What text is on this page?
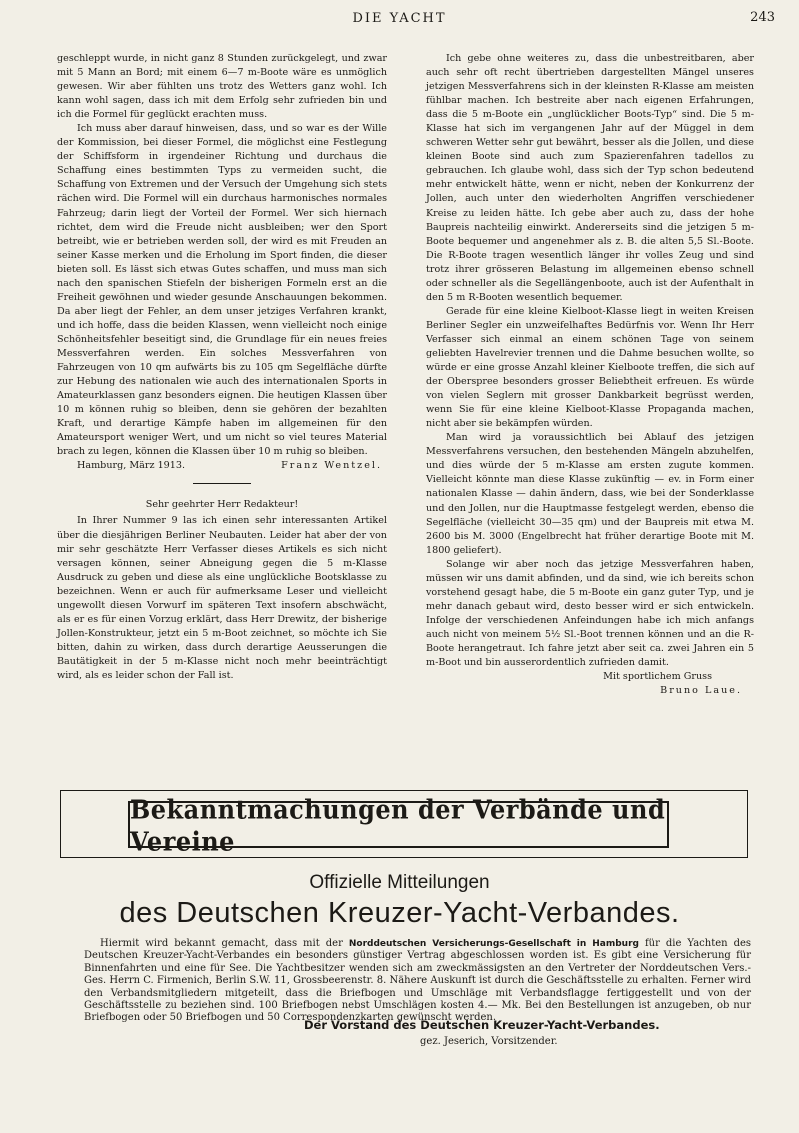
DIE YACHT	243

geschleppt wurde, in nicht ganz 8 Stunden zurückgelegt, und zwar mit 5 Mann an Bord; mit einem 6—7 m-Boote wäre es unmöglich gewesen. Wir aber fühlten uns trotz des Wetters ganz wohl. Ich kann wohl sagen, dass ich mit dem Erfolg sehr zufrieden bin und ich die Formel für geglückt erachten muss.

Ich muss aber darauf hinweisen, dass, und so war es der Wille der Kommission, bei dieser Formel, die möglichst eine Festlegung der Schiffsform in irgendeiner Richtung und durchaus die Schaffung eines bestimmten Typs zu vermeiden sucht, die Schaffung von Extremen und der Versuch der Umgehung sich stets rächen wird. Die Formel will ein durchaus harmonisches normales Fahrzeug; darin liegt der Vorteil der Formel. Wer sich hiernach richtet, dem wird die Freude nicht ausbleiben; wer den Sport betreibt, wie er betrieben werden soll, der wird es mit Freuden an seiner Kasse merken und die Erholung im Sport finden, die dieser bieten soll. Es lässt sich etwas Gutes schaffen, und muss man sich nach den spanischen Stiefeln der bisherigen Formeln erst an die Freiheit gewöhnen und wieder gesunde Anschauungen bekommen. Da aber liegt der Fehler, an dem unser jetziges Verfahren krankt, und ich hoffe, dass die beiden Klassen, wenn vielleicht noch einige Schönheitsfehler beseitigt sind, die Grundlage für ein neues freies Messverfahren werden. Ein solches Messverfahren von Fahrzeugen von 10 qm aufwärts bis zu 105 qm Segelfläche dürfte zur Hebung des nationalen wie auch des internationalen Sports in Amateurklassen ganz besonders eignen. Die heutigen Klassen über 10 m können ruhig so bleiben, denn sie gehören der bezahlten Kraft, und derartige Kämpfe haben im allgemeinen für den Amateursport weniger Wert, und um nicht so viel teures Material brach zu legen, können die Klassen über 10 m ruhig so bleiben.

Hamburg, März 1913.	Franz Wentzel.

Sehr geehrter Herr Redakteur!

In Ihrer Nummer 9 las ich einen sehr interessanten Artikel über die diesjährigen Berliner Neubauten. Leider hat aber der von mir sehr geschätzte Herr Verfasser dieses Artikels es sich nicht versagen können, seiner Abneigung gegen die 5 m-Klasse Ausdruck zu geben und diese als eine unglückliche Bootsklasse zu bezeichnen. Wenn er auch für aufmerksame Leser und vielleicht ungewollt diesen Vorwurf im späteren Text insofern abschwächt, als er es für einen Vorzug erklärt, dass Herr Drewitz, der bisherige Jollen-Konstrukteur, jetzt ein 5 m-Boot zeichnet, so möchte ich Sie bitten, dahin zu wirken, dass durch derartige Aeusserungen die Bautätigkeit in der 5 m-Klasse nicht noch mehr beeinträchtigt wird, als es leider schon der Fall ist.

Ich gebe ohne weiteres zu, dass die unbestreitbaren, aber auch sehr oft recht übertrieben dargestellten Mängel unseres jetzigen Messverfahrens sich in der kleinsten R-Klasse am meisten fühlbar machen. Ich bestreite aber nach eigenen Erfahrungen, dass die 5 m-Boote ein „unglücklicher Boots-Typ“ sind. Die 5 m-Klasse hat sich im vergangenen Jahr auf der Müggel in dem schweren Wetter sehr gut bewährt, besser als die Jollen, und diese kleinen Boote sind auch zum Spazierenfahren tadellos zu gebrauchen. Ich glaube wohl, dass sich der Typ schon bedeutend mehr entwickelt hätte, wenn er nicht, neben der Konkurrenz der Jollen, auch unter den wiederholten Angriffen verschiedener Kreise zu leiden hätte. Ich gebe aber auch zu, dass der hohe Baupreis nachteilig einwirkt. Andererseits sind die jetzigen 5 m-Boote bequemer und angenehmer als z. B. die alten 5,5 Sl.-Boote. Die R-Boote tragen wesentlich länger ihr volles Zeug und sind trotz ihrer grösseren Belastung im allgemeinen ebenso schnell oder schneller als die Segellängenboote, auch ist der Aufenthalt in den 5 m R-Booten wesentlich bequemer.

Gerade für eine kleine Kielboot-Klasse liegt in weiten Kreisen Berliner Segler ein unzweifelhaftes Bedürfnis vor. Wenn Ihr Herr Verfasser sich einmal an einem schönen Tage von seinem geliebten Havelrevier trennen und die Dahme besuchen wollte, so würde er eine grosse Anzahl kleiner Kielboote treffen, die sich auf der Oberspree besonders grosser Beliebtheit erfreuen. Es würde von vielen Seglern mit grosser Dankbarkeit begrüsst werden, wenn Sie für eine kleine Kielboot-Klasse Propaganda machen, nicht aber sie bekämpfen würden.

Man wird ja voraussichtlich bei Ablauf des jetzigen Messverfahrens versuchen, den bestehenden Mängeln abzuhelfen, und dies würde der 5 m-Klasse am ersten zugute kommen. Vielleicht könnte man diese Klasse zukünftig — ev. in Form einer nationalen Klasse — dahin ändern, dass, wie bei der Sonderklasse und den Jollen, nur die Hauptmasse festgelegt werden, ebenso die Segelfläche (vielleicht 30—35 qm) und der Baupreis mit etwa M. 2600 bis M. 3000 (Engelbrecht hat früher derartige Boote mit M. 1800 geliefert).

Solange wir aber noch das jetzige Messverfahren haben, müssen wir uns damit abfinden, und da sind, wie ich bereits schon vorstehend gesagt habe, die 5 m-Boote ein ganz guter Typ, und je mehr danach gebaut wird, desto besser wird er sich entwickeln. Infolge der verschiedenen Anfeindungen habe ich mich anfangs auch nicht von meinem 5½ Sl.-Boot trennen können und an die R-Boote herangetraut. Ich fahre jetzt aber seit ca. zwei Jahren ein 5 m-Boot und bin ausserordentlich zufrieden damit.

Mit sportlichem Gruss
Bruno Laue.
Bekanntmachungen der Verbände und Vereine
Offizielle Mitteilungen
des Deutschen Kreuzer-Yacht-Verbandes.

Hiermit wird bekannt gemacht, dass mit der Norddeutschen Versicherungs-Gesellschaft in Hamburg für die Yachten des Deutschen Kreuzer-Yacht-Verbandes ein besonders günstiger Vertrag abgeschlossen worden ist. Es gibt eine Versicherung für Binnenfahrten und eine für See. Die Yachtbesitzer wenden sich am zweckmässigsten an den Vertreter der Norddeutschen Vers.-Ges. Herrn C. Firmenich, Berlin S.W. 11, Grossbeerenstr. 8. Nähere Auskunft ist durch die Geschäftsstelle zu erhalten. Ferner wird den Verbandsmitgliedern mitgeteilt, dass die Briefbogen und Umschläge mit Verbandsflagge fertiggestellt und von der Geschäftsstelle zu beziehen sind. 100 Briefbogen nebst Umschlägen kosten 4.— Mk. Bei den Bestellungen ist anzugeben, ob nur Briefbogen oder 50 Briefbogen und 50 Correspondenzkarten gewünscht werden.

Der Vorstand des Deutschen Kreuzer-Yacht-Verbandes.
gez. Jeserich, Vorsitzender.
